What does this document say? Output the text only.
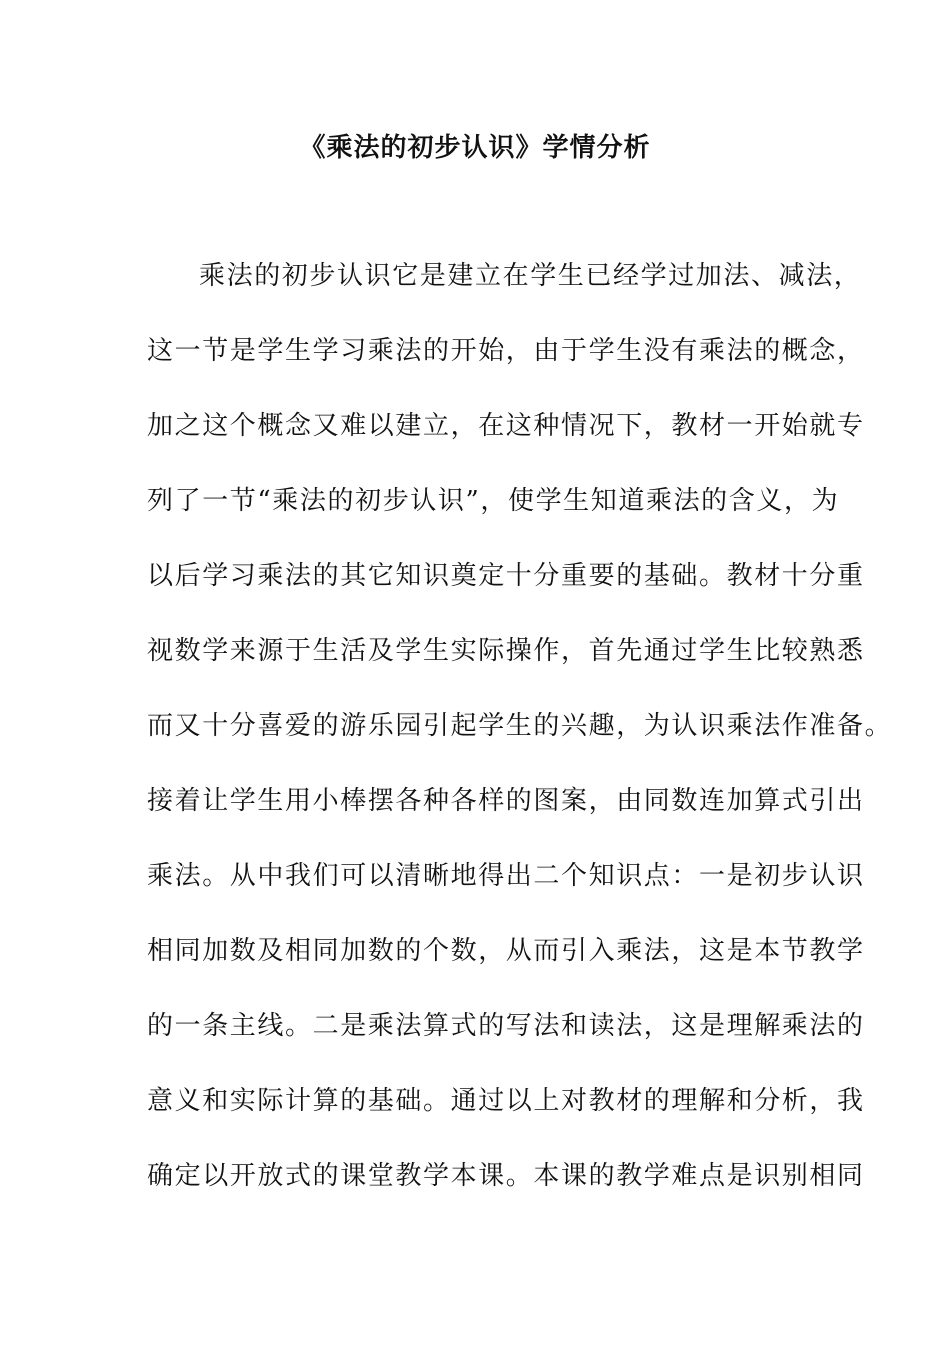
《乘法的初步认识》学情分析
乘法的初步认识它是建立在学生已经学过加法、减法，
这一节是学生学习乘法的开始，由于学生没有乘法的概念，
加之这个概念又难以建立，在这种情况下，教材一开始就专
列了一节“乘法的初步认识”，使学生知道乘法的含义，为
以后学习乘法的其它知识奠定十分重要的基础。教材十分重
视数学来源于生活及学生实际操作，首先通过学生比较熟悉
而又十分喜爱的游乐园引起学生的兴趣，为认识乘法作准备。
接着让学生用小棒摆各种各样的图案，由同数连加算式引出
乘法。从中我们可以清晰地得出二个知识点：一是初步认识
相同加数及相同加数的个数，从而引入乘法，这是本节教学
的一条主线。二是乘法算式的写法和读法，这是理解乘法的
意义和实际计算的基础。通过以上对教材的理解和分析，我
确定以开放式的课堂教学本课。本课的教学难点是识别相同
